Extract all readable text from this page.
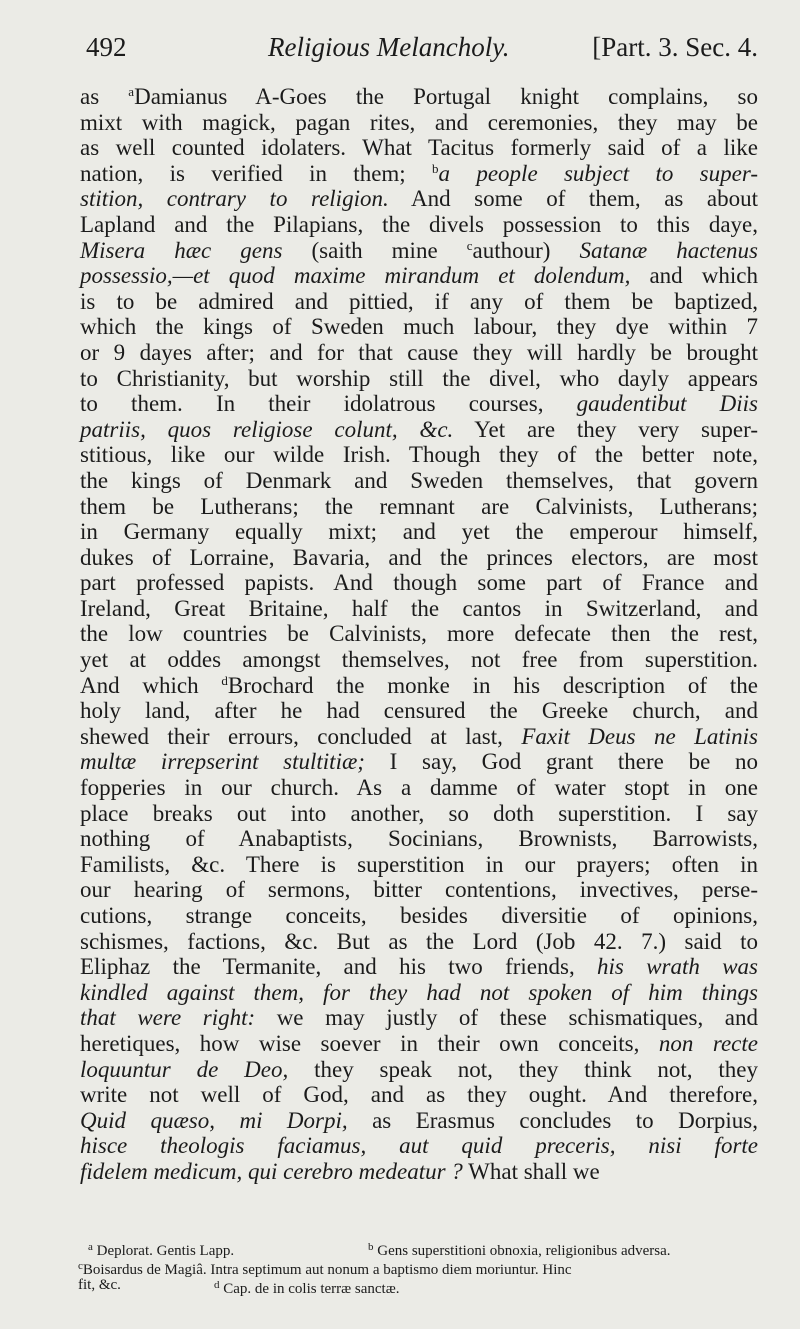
492	Religious Melancholy.	[Part. 3. Sec. 4.
as $^a$Damianus A-Goes the Portugal knight complains, so
mixt with magick, pagan rites, and ceremonies, they may be
as well counted idolaters. What Tacitus formerly said of a like
nation, is verified in them; $^b$a people subject to super-
stition, contrary to religion. And some of them, as about
Lapland and the Pilapians, the divels possession to this daye,
Misera hæc gens (saith mine $^c$authour) Satanæ hactenus
possessio,—et quod maxime mirandum et dolendum, and which
is to be admired and pittied, if any of them be baptized,
which the kings of Sweden much labour, they dye within 7
or 9 dayes after; and for that cause they will hardly be brought
to Christianity, but worship still the divel, who dayly appears
to them. In their idolatrous courses, gaudentibut Diis
patriis, quos religiose colunt, &c. Yet are they very super-
stitious, like our wilde Irish. Though they of the better note,
the kings of Denmark and Sweden themselves, that govern
them be Lutherans; the remnant are Calvinists, Lutherans;
in Germany equally mixt; and yet the emperour himself,
dukes of Lorraine, Bavaria, and the princes electors, are most
part professed papists. And though some part of France and
Ireland, Great Britaine, half the cantos in Switzerland, and
the low countries be Calvinists, more defecate then the rest,
yet at oddes amongst themselves, not free from superstition.
And which $^d$Brochard the monke in his description of the
holy land, after he had censured the Greeke church, and
shewed their errours, concluded at last, Faxit Deus ne Latinis
multæ irrepserint stultitiæ; I say, God grant there be no
fopperies in our church. As a damme of water stopt in one
place breaks out into another, so doth superstition. I say
nothing of Anabaptists, Socinians, Brownists, Barrowists,
Familists, &c. There is superstition in our prayers; often in
our hearing of sermons, bitter contentions, invectives, perse-
cutions, strange conceits, besides diversitie of opinions,
schismes, factions, &c. But as the Lord (Job 42. 7.) said to
Eliphaz the Termanite, and his two friends, his wrath was
kindled against them, for they had not spoken of him things
that were right: we may justly of these schismatiques, and
heretiques, how wise soever in their own conceits, non recte
loquuntur de Deo, they speak not, they think not, they
write not well of God, and as they ought. And therefore,
Quid quæso, mi Dorpi, as Erasmus concludes to Dorpius,
hisce theologis faciamus, aut quid preceris, nisi forte
fidelem medicum, qui cerebro medeatur ? What shall we
$^a$ Deplorat. Gentis Lapp.	$^b$ Gens superstitioni obnoxia, religionibus adversa.
$^c$Boisardus de Magiâ. Intra septimum aut nonum a baptismo diem moriuntur. Hinc
fit, &c.	$^d$ Cap. de in colis terræ sanctæ.
